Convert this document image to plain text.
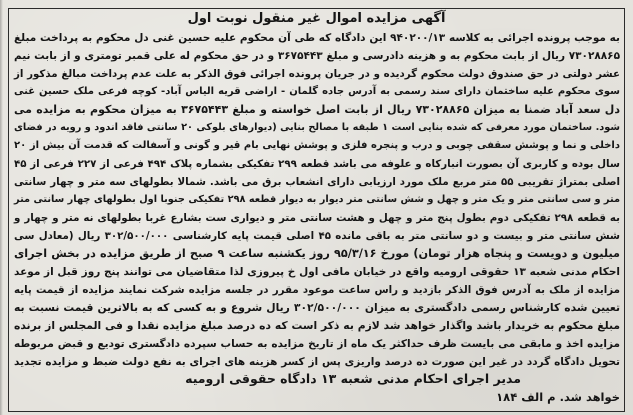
آگهی مزایده اموال غیر منقول نوبت اول
به موجب پرونده اجرائی به کلاسه ۹۴۰۲۰۰/۱۳ این دادگاه که طی آن محکوم علیه حسین غنی دل محکوم به پرداخت مبلغ
۷۳۰۲۸۸۶۵ ریال از بابت محکوم به و هزینه دادرسی و مبلغ ۳۶۷۵۴۴۳ و در حق محکوم له علی قمبر تومتری و از بابت نیم
عشر دولتی در حق صندوق دولت محکوم گردیده و در جریان پرونده اجرائی فوق الذکر به علت عدم پرداخت مبالغ مذکور از
سوی محکوم علیه ساختمان دارای سند رسمی به آدرس جاده گلمان - اراضی قریه الیاس آباد- کوچه فرعی ملک حسین غنی
دل سعد آباد ضمنا به میزان ۷۳۰۲۸۸۶۵ ریال از بابت اصل خواسته و مبلغ ۳۶۷۵۴۴۳ به میزان محکوم به مزایده می
شود. ساختمان مورد معرفی که شده بنایی است ۱ طبقه با مصالح بنایی (دیوارهای بلوکی ۲۰ سانتی فاقد اندود و رویه در فضای
داخلی و نما و پوشش سقفی چوبی و درب و پنجره فلزی و پوشش نهایی بام قیر و گونی و آسفالت که قدمت آن بیش از ۲۰
سال بوده و کاربری آن بصورت انبارکاه و علوفه می باشد قطعه ۲۹۹ تفکیکی بشماره پلاک ۴۹۴ فرعی از ۲۲۷ فرعی از ۴۵
اصلی بمتراژ تقریبی ۵۵ متر مربع ملک مورد ارزیابی دارای انشعاب برق می باشد. شمالا بطولهای سه متر و چهار سانتی
متر و سی سانتی متر و یک متر و چهل و شش سانتی متر دیوار به دیوار قطعه ۲۹۸ تفکیکی جنوبا اول بطولهای چهار سانتی متر
به قطعه ۲۹۸ تفکیکی دوم بطول پنج متر و چهل و هشت سانتی متر و دیواری ست بشارع غربا بطولهای نه متر و چهار و
شش سانتی متر و بیست و دو سانتی متر به باقی مانده ۴۵ اصلی قیمت پایه کارشناسی ۳۰۲/۵۰۰/۰۰۰ ریال (معادل سی
میلیون و دویست و پنجاه هزار تومان) مورخ ۹۵/۳/۱۶ روز یکشنبه ساعت ۹ صبح از طریق مزایده در بخش اجرای
احکام مدنی شعبه ۱۳ حقوقی ارومیه واقع در خیابان مافی اول خ پیروزی لذا متقاضیان می توانند پنج روز قبل از موعد
مزایده از ملک به آدرس فوق الذکر بازدید و راس ساعت موعود مقرر در جلسه مزایده شرکت نمایند مزایده از قیمت پایه
تعیین شده کارشناس رسمی دادگستری به میزان ۳۰۲/۵۰۰/۰۰۰ ریال شروع و به کسی که به بالاترین قیمت نسبت به
مبلغ محکوم به خریدار باشد واگذار خواهد شد لازم به ذکر است که ده درصد مبلغ مزایده نقدا و فی المجلس از برنده
مزایده اخذ و مابقی می بایست ظرف حداکثر یک ماه از تاریخ مزایده به حساب سپرده دادگستری تودیع و قبض مربوطه
تحویل دادگاه گردد در غیر این صورت ده درصد واریزی پس از کسر هزینه های اجرای به نفع دولت ضبط و مزایده تجدید
مدیر اجرای احکام مدنی شعبه ۱۳ دادگاه حقوقی ارومیه
خواهد شد. م الف ۱۸۴
